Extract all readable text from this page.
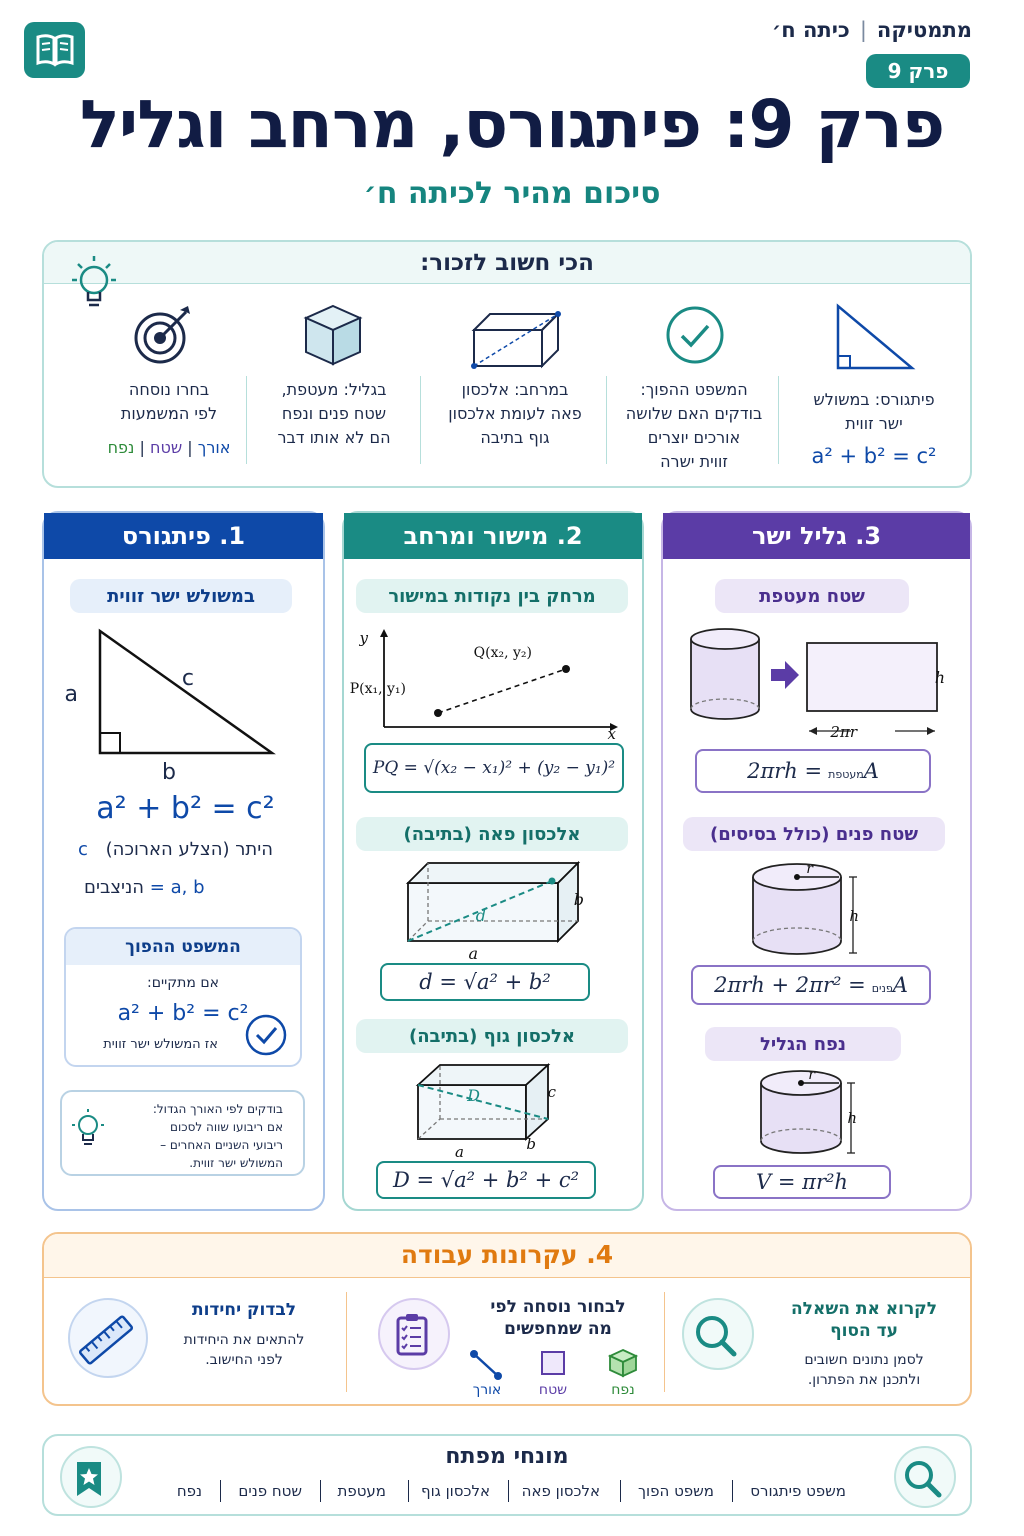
מתמטיקה|כיתה ח׳
פרק 9
פרק 9: פיתגורס, מרחב וגליל
סיכום מהיר לכיתה ח׳
הכי חשוב לזכור:
פיתגורס: במשולש
ישר זווית
a² + b² = c²
המשפט ההפוך:
בודקים האם שלושה
אורכים יוצרים
זווית ישרה
במרחב: אלכסון
פאה לעומת אלכסון
גוף בתיבה
בגליל: מעטפת,
שטח פנים ונפח
הם לא אותו דבר
בחרו נוסחה
לפי המשמעות
אורך | שטח | נפח
1. פיתגורס
במשולש ישר זווית
a
c
b
a² + b² = c²
היתר (הצלע הארוכה) c
a, b = הניצבים
המשפט ההפוך
אם מתקיים:
a² + b² = c²
אז המשולש ישר זווית
בודקים לפי האורך הגדול:
אם ריבועו שווה לסכום
ריבועי השניים האחרים –
המשולש ישר זווית.
2. מישור ומרחב
מרחק בין נקודות במישור
y
x
P(x₁, y₁)
Q(x₂, y₂)
PQ = √(x₂ − x₁)² + (y₂ − y₁)²
אלכסון פאה (בתיבה)
d
a
b
d = √a² + b²
אלכסון גוף (בתיבה)
D
a	b
c
D = √a² + b² + c²
3. גליל ישר
שטח מעטפת
h
2πr
A
מעטפת
= 2πrh
שטח פנים (כולל בסיסים)
r
h
A
פנים
= 2πrh + 2πr²
נפח הגליל
r
h
V = πr²h
4. עקרונות עבודה
לקרוא את השאלה
עד הסוף
לסמן נתונים חשובים
ולתכנן את הפתרון.
לבחור נוסחה לפי
מה שמחפשים
נפח
שטח
אורך
לבדוק יחידות
להתאים את היחידות
לפני החישוב.
מונחי מפתח
משפט פיתגורס
משפט הפוך
אלכסון פאה
אלכסון גוף
מעטפת
שטח פנים
נפח
